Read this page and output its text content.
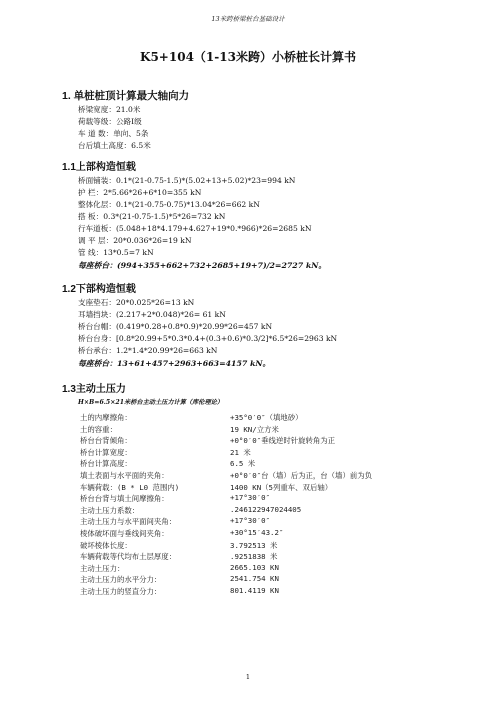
13米跨桥梁桩台基础设计
K5+104（1-13米跨）小桥桩长计算书
1. 单桩桩顶计算最大轴向力
桥梁宽度：21.0米
荷载等级：公路Ⅰ级
车 道 数：单向、5条
台后填土高度：6.5米
1.1上部构造恒载
桥面铺装：0.1*(21-0.75-1.5)*(5.02+13+5.02)*23=994 kN
护 栏：2*5.66*26+6*10=355 kN
整体化层：0.1*(21-0.75-0.75)*13.04*26=662 kN
搭 板：0.3*(21-0.75-1.5)*5*26=732 kN
行车道板：(5.048+18*4.179+4.627+19*0.*966)*26=2685 kN
调 平 层：20*0.036*26=19 kN
管 线：13*0.5=7 kN
每座桥台：(994+355+662+732+2685+19+7)/2=2727 kN。
1.2下部构造恒载
支座垫石：20*0.025*26=13 kN
耳墙挡块：(2.217+2*0.048)*26= 61 kN
桥台台帽：(0.419*0.28+0.8*0.9)*20.99*26=457 kN
桥台台身：[0.8*20.99+5*0.3*0.4+(0.3+0.6)*0.3/2]*6.5*26=2963 kN
桥台承台：1.2*1.4*20.99*26=663 kN
每座桥台：13+61+457+2963+663=4157 kN。
1.3主动土压力
H×B=6.5×21米桥台主动土压力计算（库伦理论）
土的内摩擦角：	+35°0′0″（填地砂）
土的容重：	19 KN/立方米
桥台台背倾角：	+0°0′0″垂线逆时针旋转角为正
桥台计算宽度：	21 米
桥台计算高度：	6.5 米
填土表面与水平面的夹角：	+0°0′0″台（墙）后为正，台（墙）前为负
车辆荷载：(B * L0 范围内)	1400 KN（5列重车、双后轴）
桥台台背与填土间摩擦角：	+17°30′0″
主动土压力系数：	.246122947024405
主动土压力与水平面间夹角：	+17°30′0″
棱体破坏面与垂线间夹角：	+30°15′43.2″
破坏棱体长度：	3.792513 米
车辆荷载等代均布土层厚度：	.9251838 米
主动土压力：	2665.103 KN
主动土压力的水平分力：	2541.754 KN
主动土压力的竖直分力：	801.4119 KN
1
